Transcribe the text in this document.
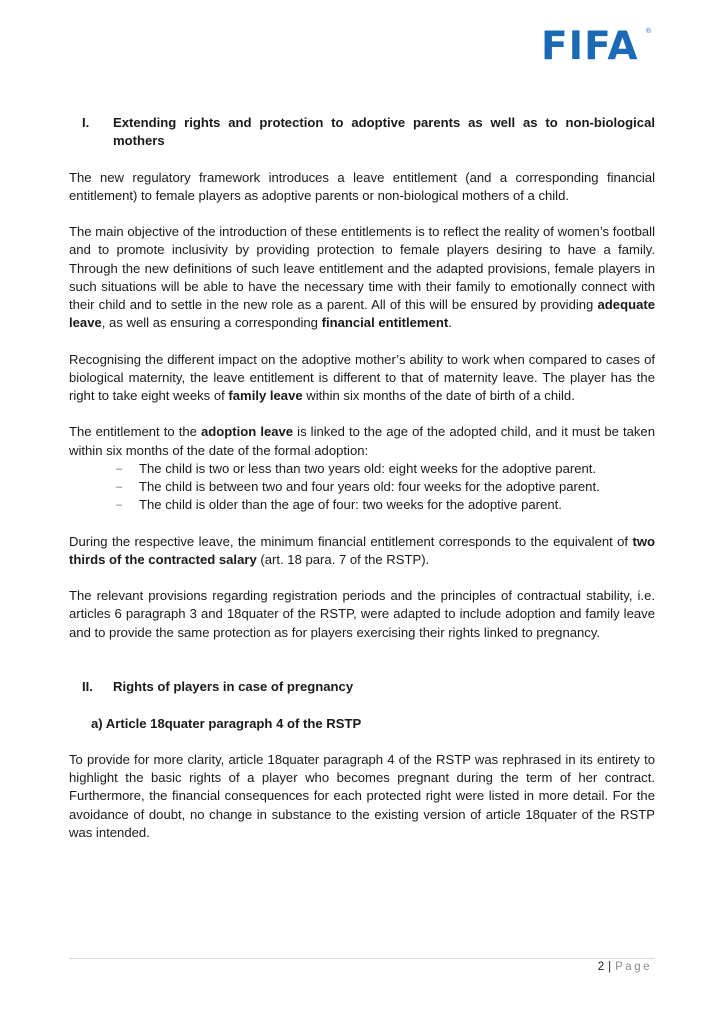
FIFA	®
I.	Extending rights and protection to adoptive parents as well as to non-biological mothers

The new regulatory framework introduces a leave entitlement (and a corresponding financial entitlement) to female players as adoptive parents or non-biological mothers of a child.

The main objective of the introduction of these entitlements is to reflect the reality of women’s football and to promote inclusivity by providing protection to female players desiring to have a family. Through the new definitions of such leave entitlement and the adapted provisions, female players in such situations will be able to have the necessary time with their family to emotionally connect with their child and to settle in the new role as a parent. All of this will be ensured by providing adequate leave, as well as ensuring a corresponding financial entitlement.

Recognising the different impact on the adoptive mother’s ability to work when compared to cases of biological maternity, the leave entitlement is different to that of maternity leave. The player has the right to take eight weeks of family leave within six months of the date of birth of a child.

The entitlement to the adoption leave is linked to the age of the adopted child, and it must be taken within six months of the date of the formal adoption:

– The child is two or less than two years old: eight weeks for the adoptive parent.
– The child is between two and four years old: four weeks for the adoptive parent.
– The child is older than the age of four: two weeks for the adoptive parent.

During the respective leave, the minimum financial entitlement corresponds to the equivalent of two thirds of the contracted salary (art. 18 para. 7 of the RSTP).

The relevant provisions regarding registration periods and the principles of contractual stability, i.e. articles 6 paragraph 3 and 18quater of the RSTP, were adapted to include adoption and family leave and to provide the same protection as for players exercising their rights linked to pregnancy.

II.	Rights of players in case of pregnancy
a) Article 18quater paragraph 4 of the RSTP

To provide for more clarity, article 18quater paragraph 4 of the RSTP was rephrased in its entirety to highlight the basic rights of a player who becomes pregnant during the term of her contract. Furthermore, the financial consequences for each protected right were listed in more detail. For the avoidance of doubt, no change in substance to the existing version of article 18quater of the RSTP was intended.

2 | Page
